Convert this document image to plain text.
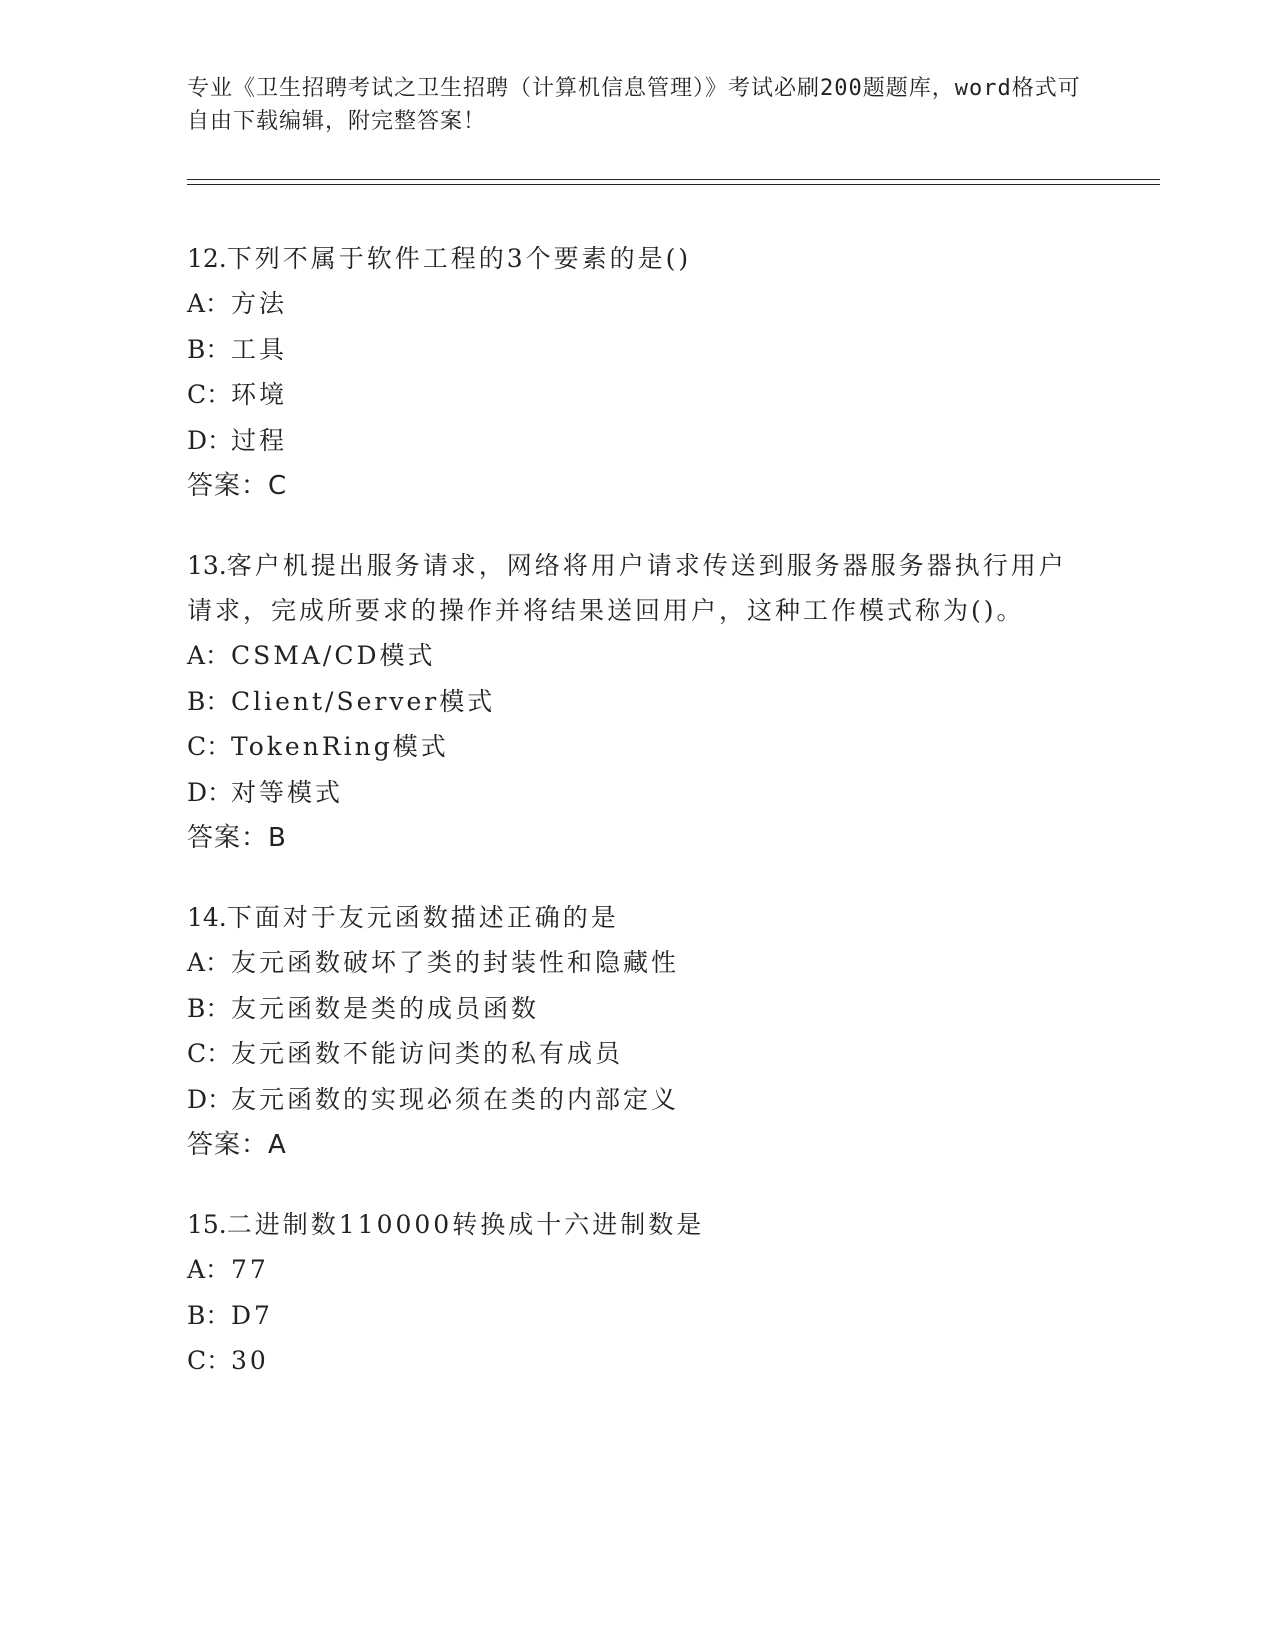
专业《卫生招聘考试之卫生招聘（计算机信息管理）》考试必刷200题题库，word格式可自由下载编辑，附完整答案！

12.下列不属于软件工程的3个要素的是()

A：方法

B：工具

C：环境

D：过程

答案：C

13.客户机提出服务请求，网络将用户请求传送到服务器服务器执行用户请求，完成所要求的操作并将结果送回用户，这种工作模式称为()。

A：CSMA/CD模式

B：Client/Server模式

C：TokenRing模式

D：对等模式

答案：B

14.下面对于友元函数描述正确的是

A：友元函数破坏了类的封装性和隐藏性

B：友元函数是类的成员函数

C：友元函数不能访问类的私有成员

D：友元函数的实现必须在类的内部定义

答案：A

15.二进制数110000转换成十六进制数是

A：77

B：D7

C：30
